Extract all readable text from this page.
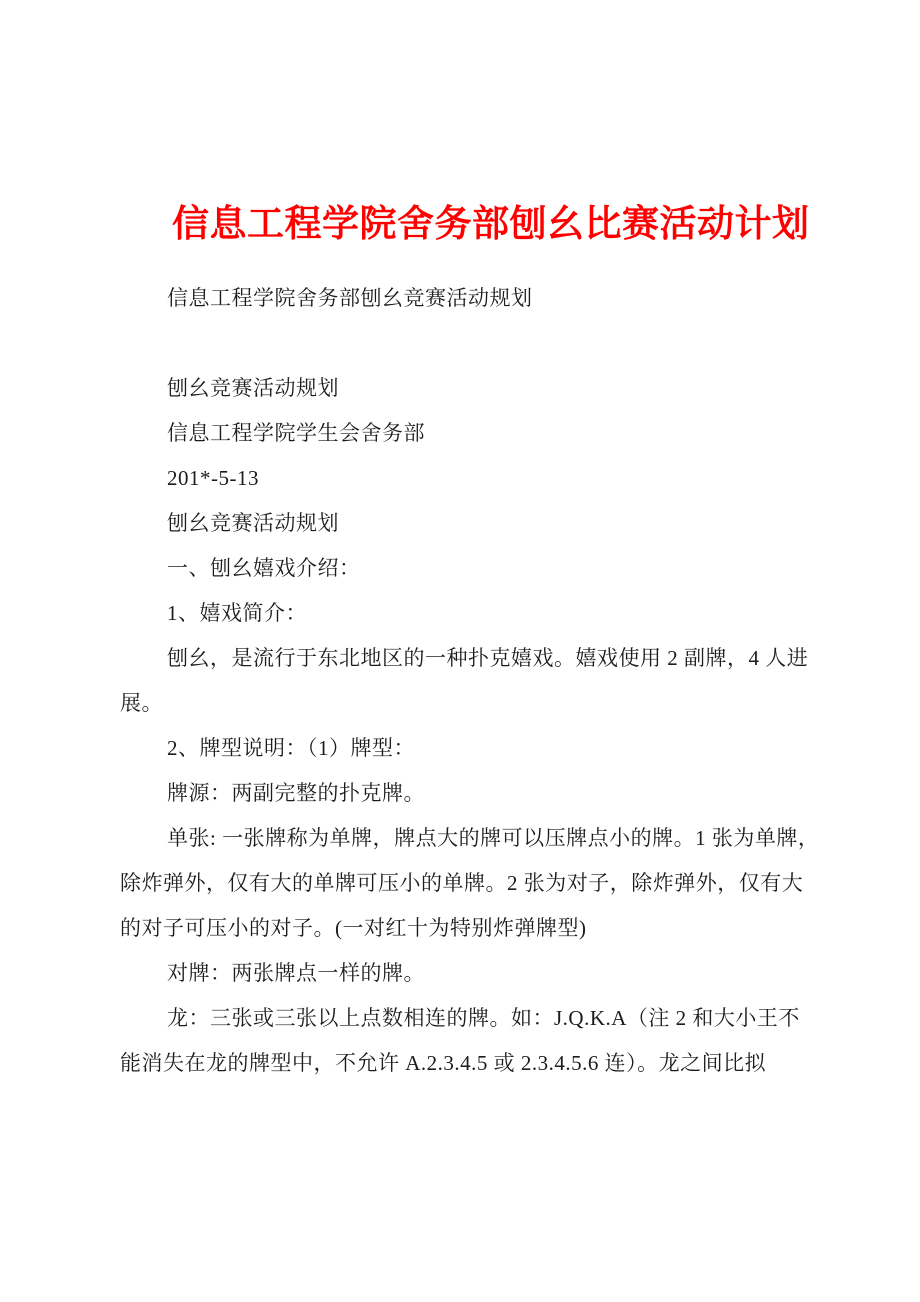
信息工程学院舍务部刨幺比赛活动计划
信息工程学院舍务部刨幺竞赛活动规划
刨幺竞赛活动规划
信息工程学院学生会舍务部
201*-5-13
刨幺竞赛活动规划
一、刨幺嬉戏介绍：
1、嬉戏简介：
刨幺，是流行于东北地区的一种扑克嬉戏。嬉戏使用 2 副牌，4 人进
展。
2、牌型说明：（1）牌型：
牌源：两副完整的扑克牌。
单张: 一张牌称为单牌，牌点大的牌可以压牌点小的牌。1 张为单牌，
除炸弹外，仅有大的单牌可压小的单牌。2 张为对子，除炸弹外，仅有大
的对子可压小的对子。(一对红十为特别炸弹牌型)
对牌：两张牌点一样的牌。
龙：三张或三张以上点数相连的牌。如：J.Q.K.A（注 2 和大小王不
能消失在龙的牌型中，不允许 A.2.3.4.5 或 2.3.4.5.6 连）。龙之间比拟
